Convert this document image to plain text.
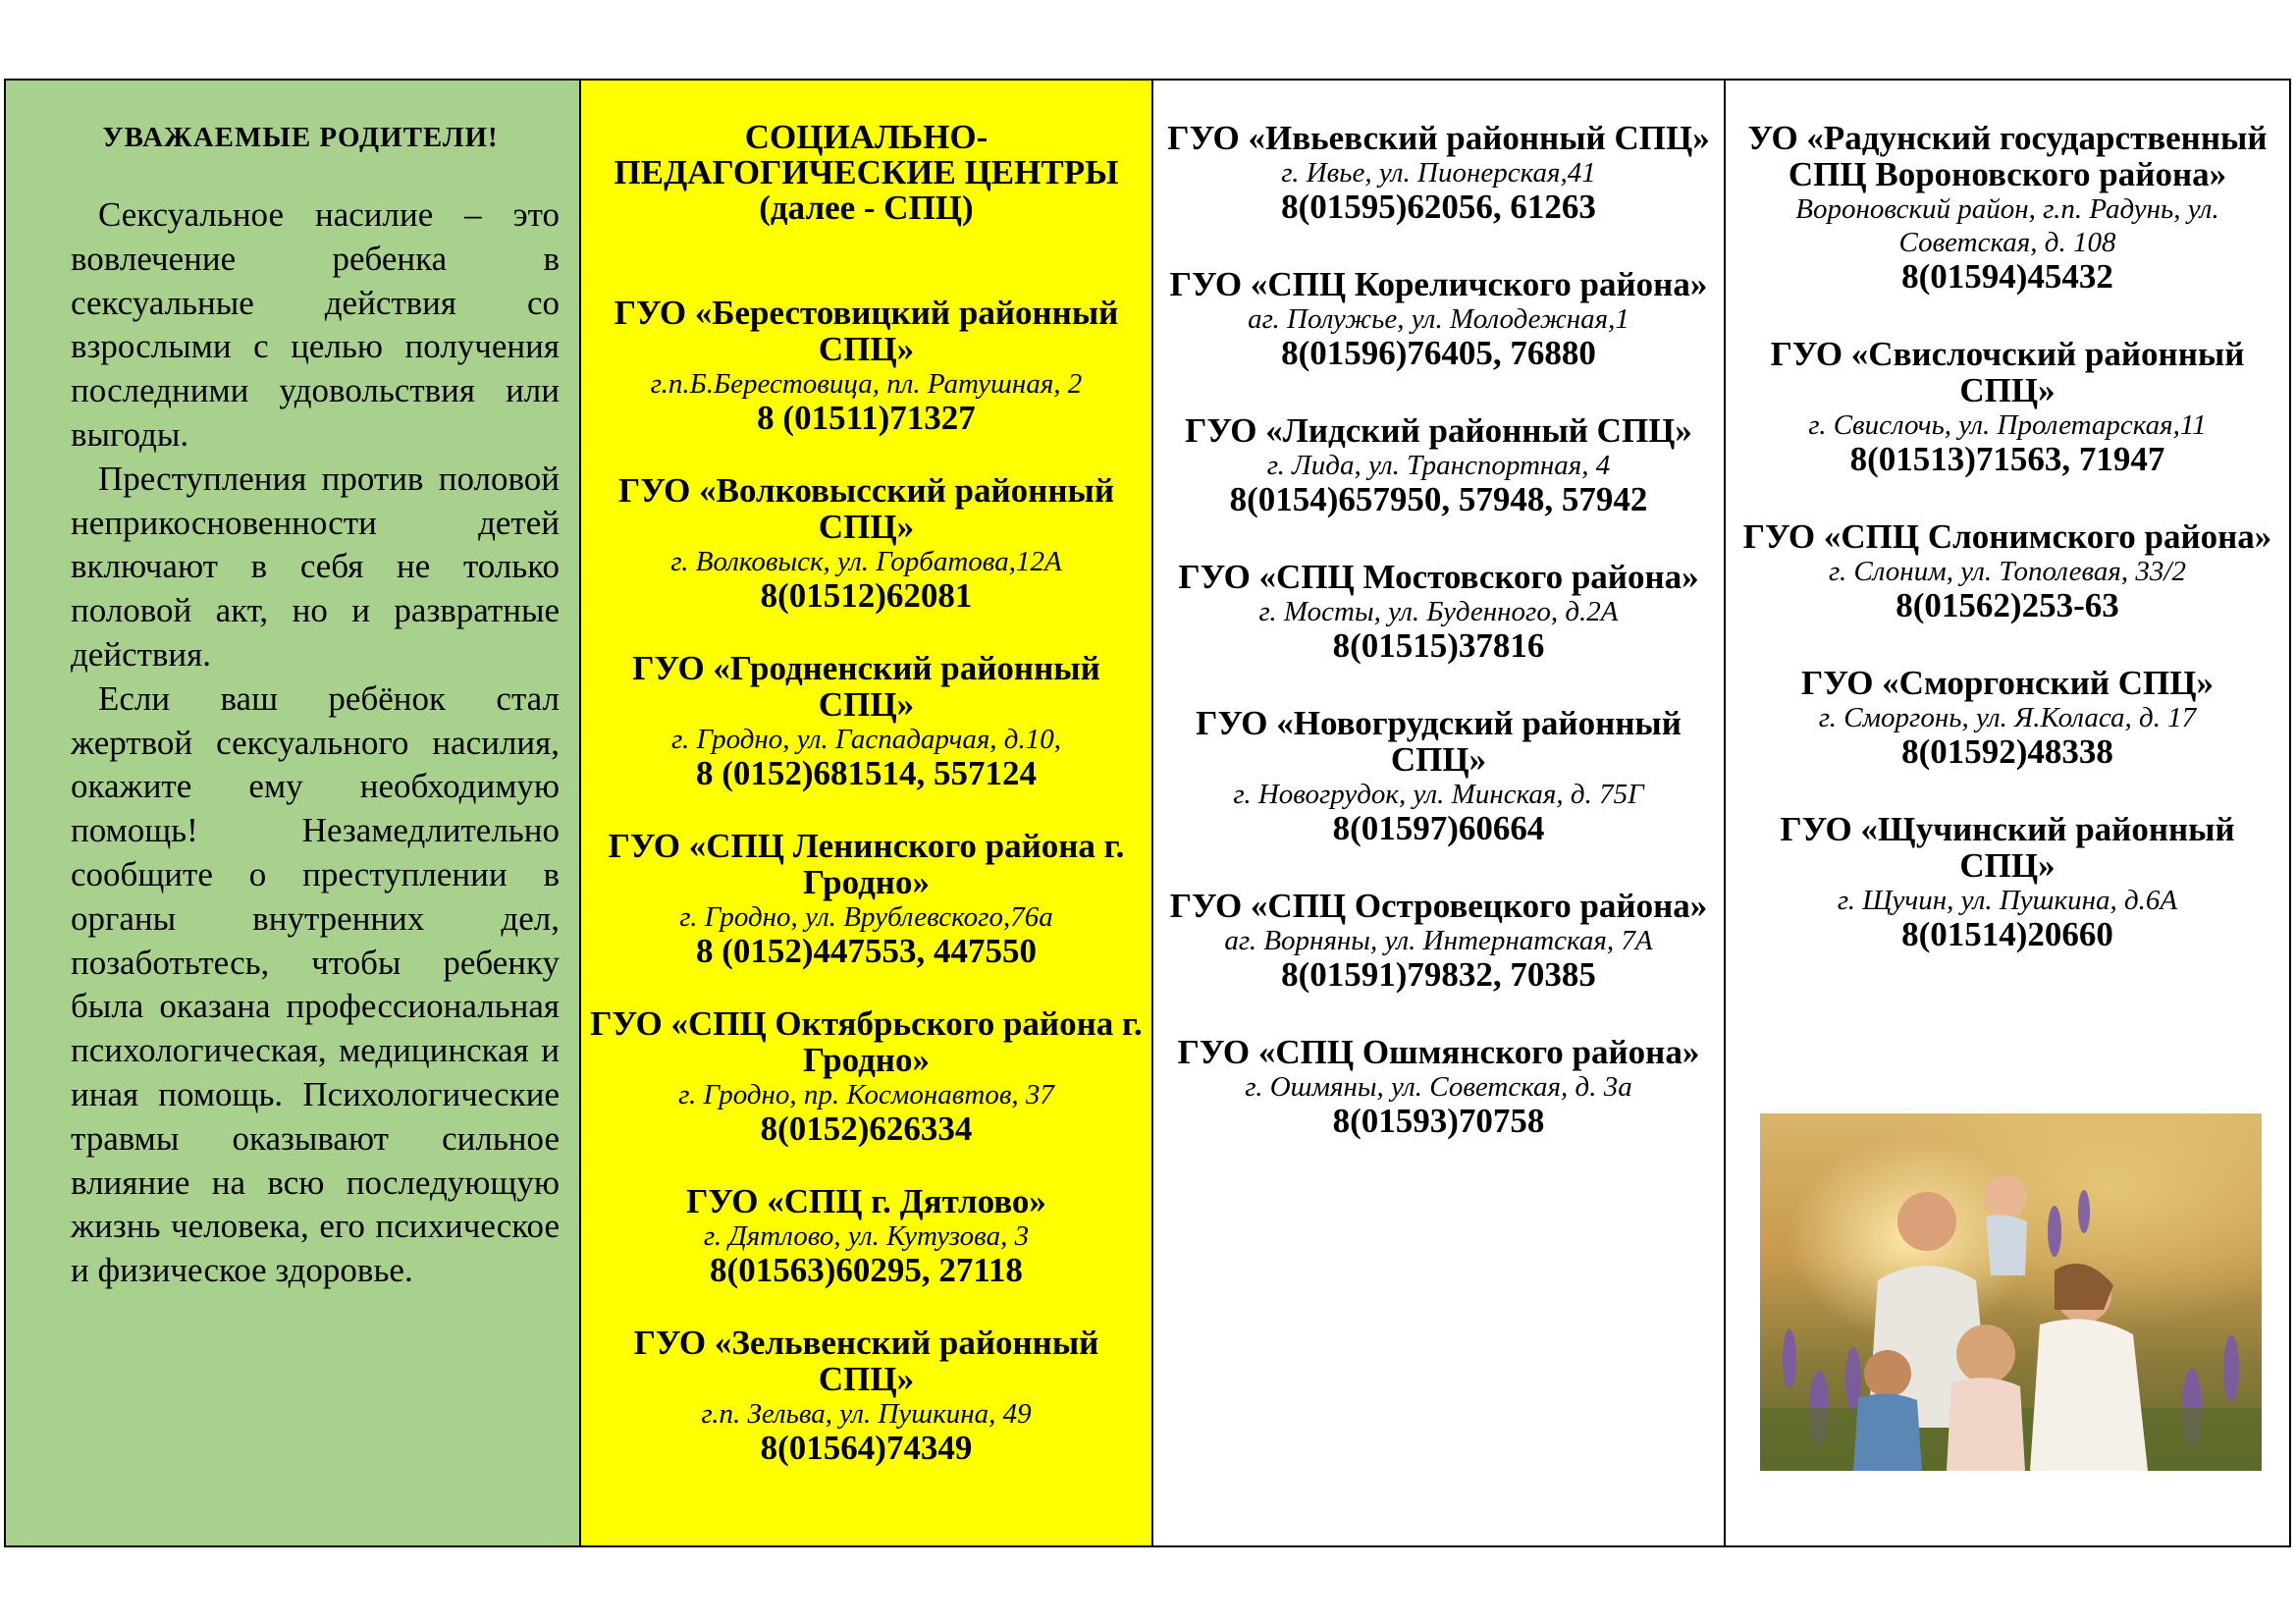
УВАЖАЕМЫЕ РОДИТЕЛИ!

Сексуальное насилие – это вовлечение ребенка в сексуальные действия со взрослыми с целью получения последними удовольствия или выгоды.

Преступления против половой неприкосновенности детей включают в себя не только половой акт, но и развратные действия.

Если ваш ребёнок стал жертвой сексуального насилия, окажите ему необходимую помощь! Незамедлительно сообщите о преступлении в органы внутренних дел, позаботьтесь, чтобы ребенку была оказана профессиональная психологическая, медицинская и иная помощь. Психологические травмы оказывают сильное влияние на всю последующую жизнь человека, его психическое и физическое здоровье.

СОЦИАЛЬНО-ПЕДАГОГИЧЕСКИЕ ЦЕНТРЫ (далее - СПЦ)
ГУО «Берестовицкий районный СПЦ»
г.п.Б.Берестовица, пл. Ратушная, 2
8 (01511)71327
ГУО «Волковысский районный СПЦ»
г. Волковыск, ул. Горбатова,12А
8(01512)62081
ГУО «Гродненский районный СПЦ»
г. Гродно, ул. Гаспадарчая, д.10,
8 (0152)681514, 557124
ГУО «СПЦ Ленинского района г. Гродно»
г. Гродно, ул. Врублевского,76а
8 (0152)447553, 447550
ГУО «СПЦ Октябрьского района г. Гродно»
г. Гродно, пр. Космонавтов, 37
8(0152)626334
ГУО «СПЦ г. Дятлово»
г. Дятлово, ул. Кутузова, 3
8(01563)60295, 27118
ГУО «Зельвенский районный СПЦ»
г.п. Зельва, ул. Пушкина, 49
8(01564)74349
ГУО «Ивьевский районный СПЦ»
г. Ивье, ул. Пионерская,41
8(01595)62056, 61263
ГУО «СПЦ Кореличского района»
аг. Полужье, ул. Молодежная,1
8(01596)76405, 76880
ГУО «Лидский районный СПЦ»
г. Лида, ул. Транспортная, 4
8(0154)657950, 57948, 57942
ГУО «СПЦ Мостовского района»
г. Мосты, ул. Буденного, д.2А
8(01515)37816
ГУО «Новогрудский районный СПЦ»
г. Новогрудок, ул. Минская, д. 75Г
8(01597)60664
ГУО «СПЦ Островецкого района»
аг. Ворняны, ул. Интернатская, 7А
8(01591)79832, 70385
ГУО «СПЦ Ошмянского района»
г. Ошмяны, ул. Советская, д. 3а
8(01593)70758
УО «Радунский государственный СПЦ Вороновского района»
Вороновский район, г.п. Радунь, ул. Советская, д. 108
8(01594)45432
ГУО «Свислочский районный СПЦ»
г. Свислочь, ул. Пролетарская,11
8(01513)71563, 71947
ГУО «СПЦ Слонимского района»
г. Слоним, ул. Тополевая, 33/2
8(01562)253-63
ГУО «Сморгонский СПЦ»
г. Сморгонь, ул. Я.Коласа, д. 17
8(01592)48338
ГУО «Щучинский районный СПЦ»
г. Щучин, ул. Пушкина, д.6А
8(01514)20660
